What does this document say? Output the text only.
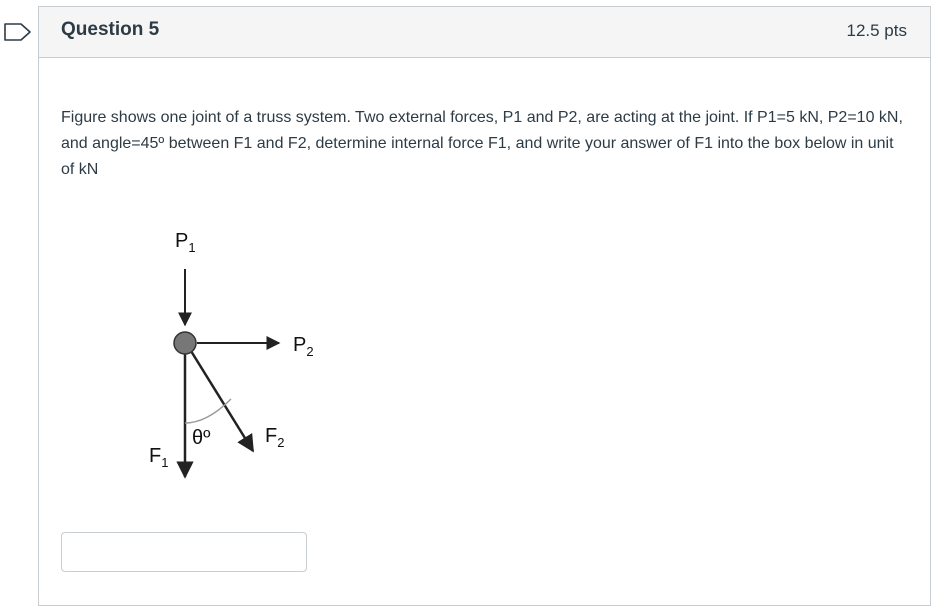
Question 5	12.5 pts
Figure shows one joint of a truss system. Two external forces, P1 and P2, are acting at the joint. If P1=5 kN, P2=10 kN, and angle=45º between F1 and F2, determine internal force F1, and write your answer of F1 into the box below in unit of kN
$P_1$
$P_2$
$F_1$
$F_2$
θº
